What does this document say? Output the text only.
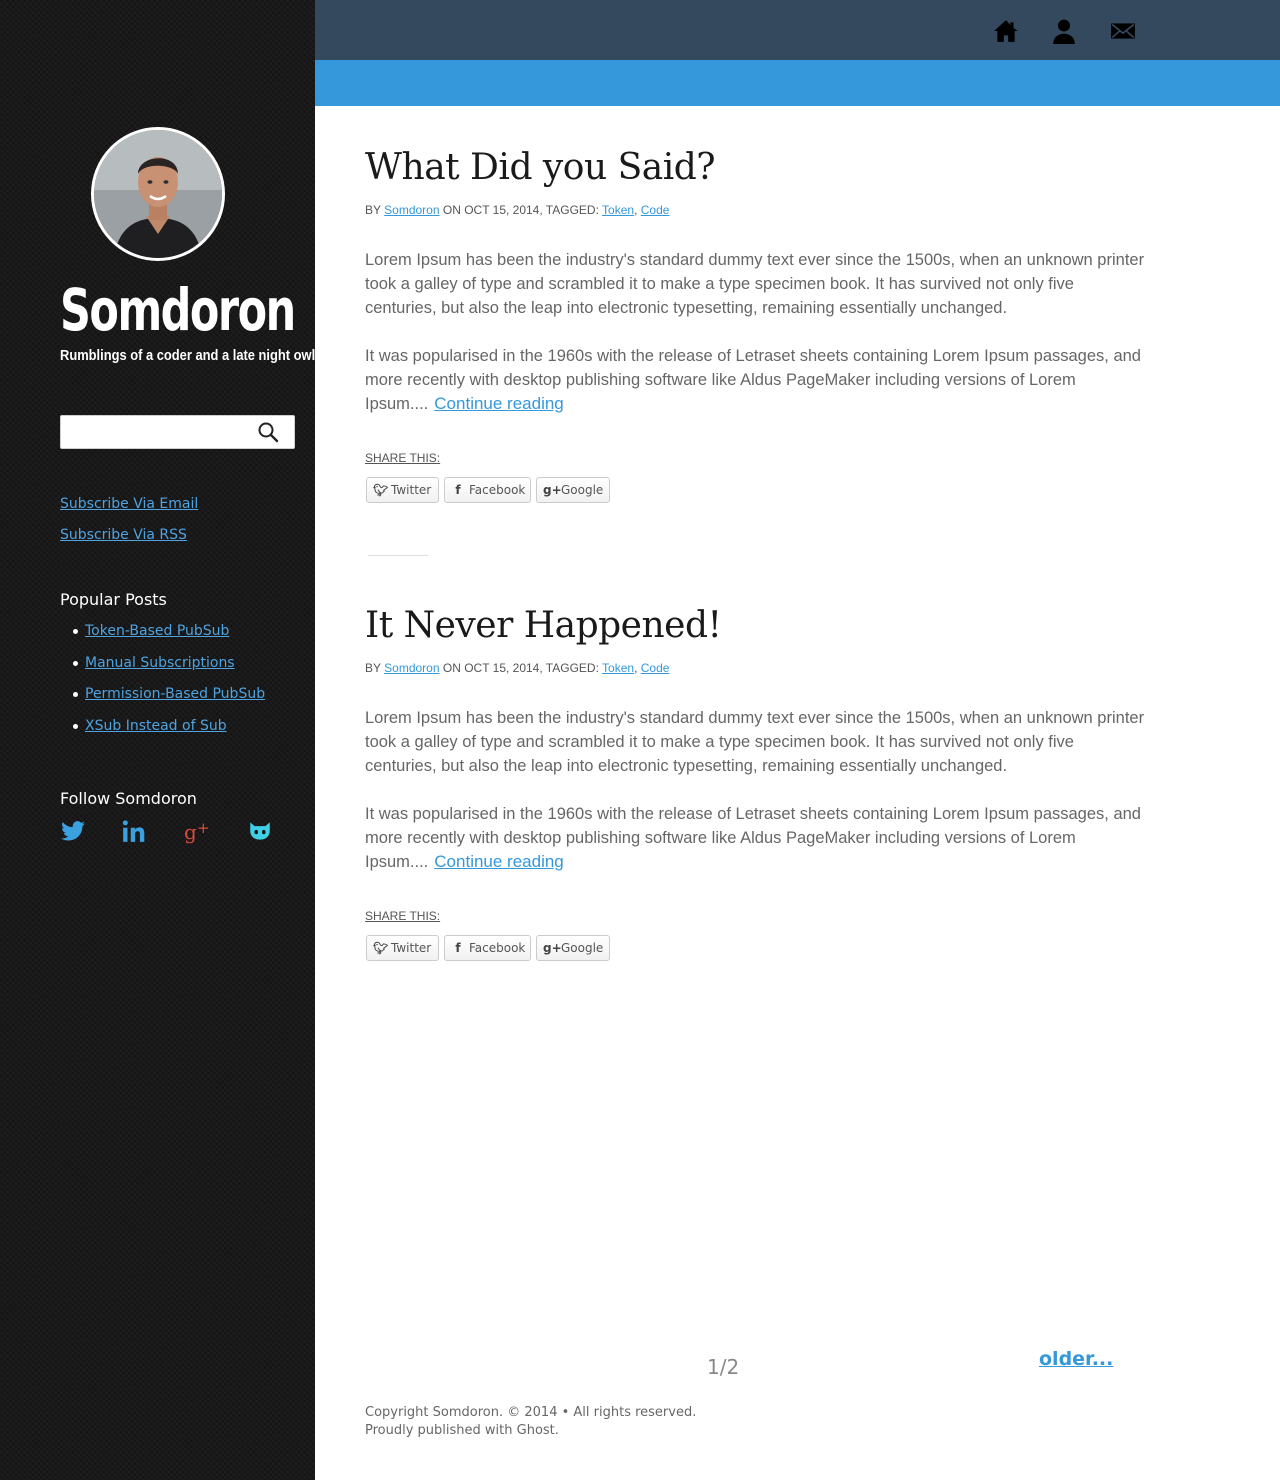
Somdoron
Rumblings of a coder and a late night owl
Subscribe Via Email
Subscribe Via RSS
Popular Posts
Token-Based PubSub
Manual Subscriptions
Permission-Based PubSub
XSub Instead of Sub
Follow Somdoron
g +
What Did you Said?
BY Somdoron ON OCT 15, 2014, TAGGED: Token, Code

Lorem Ipsum has been the industry's standard dummy text ever since the 1500s, when an unknown printer took a galley of type and scrambled it to make a type specimen book. It has survived not only five centuries, but also the leap into electronic typesetting, remaining essentially unchanged.

It was popularised in the 1960s with the release of Letraset sheets containing Lorem Ipsum passages, and more recently with desktop publishing software like Aldus PageMaker including versions of Lorem Ipsum.... Continue reading

SHARE THIS:
🐦︎ Twitter	f Facebook	g+Google
It Never Happened!
BY Somdoron ON OCT 15, 2014, TAGGED: Token, Code

Lorem Ipsum has been the industry's standard dummy text ever since the 1500s, when an unknown printer took a galley of type and scrambled it to make a type specimen book. It has survived not only five centuries, but also the leap into electronic typesetting, remaining essentially unchanged.

It was popularised in the 1960s with the release of Letraset sheets containing Lorem Ipsum passages, and more recently with desktop publishing software like Aldus PageMaker including versions of Lorem Ipsum.... Continue reading

SHARE THIS:
🐦︎ Twitter	f Facebook	g+Google
1/2	older...
Copyright Somdoron. © 2014 • All rights reserved.
Proudly published with Ghost.
